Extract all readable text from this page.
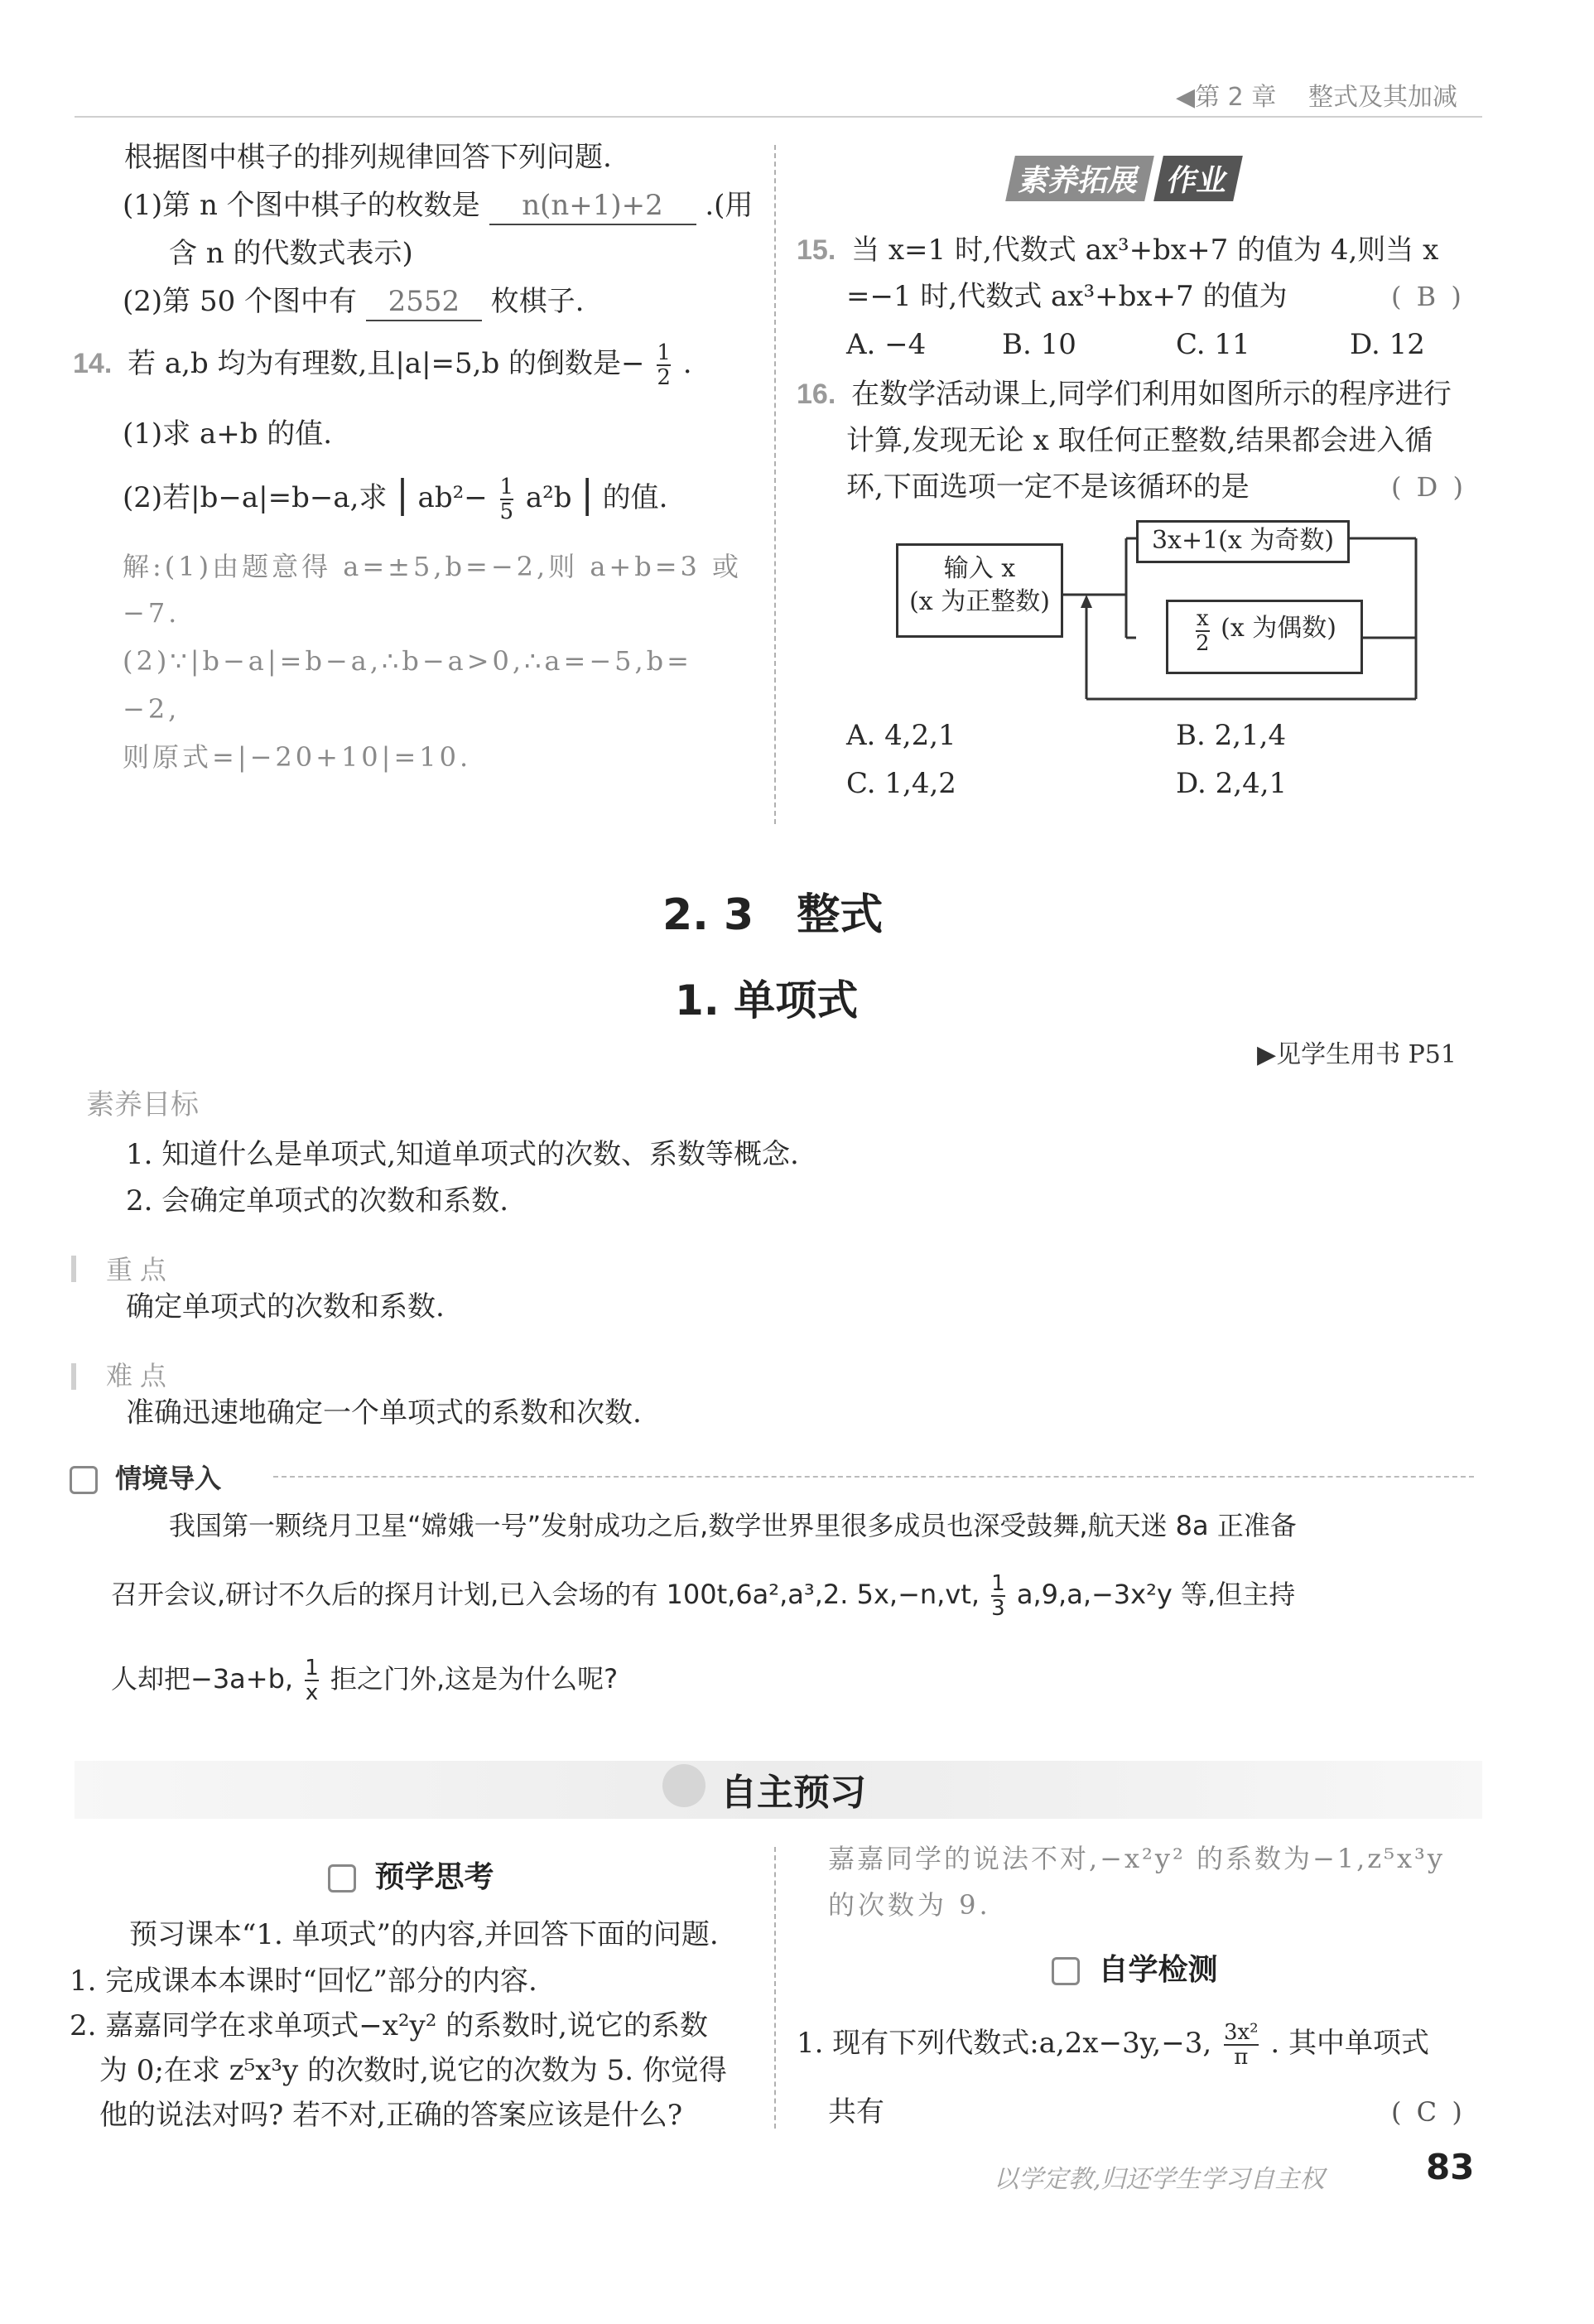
◀第 2 章 整式及其加减
根据图中棋子的排列规律回答下列问题.
(1)第 n 个图中棋子的枚数是 n(n+1)+2 .(用
含 n 的代数式表示)
(2)第 50 个图中有 2552 枚棋子.
14. 若 a,b 均为有理数,且|a|=5,b 的倒数是− $\frac{1}{2}$ .
(1)求 a+b 的值.
(2)若|b−a|=b−a,求 | $ab^2- \frac{1}{5} a^2b$ | 的值.
解:(1)由题意得 a=±5,b=−2,则 a+b=3 或
−7.
(2)∵|b−a|=b−a,∴b−a>0,∴a=−5,b=
−2,
则原式=|−20+10|=10.
素养拓展 作业
15. 当 x=1 时,代数式 ax³+bx+7 的值为 4,则当 x
=−1 时,代数式 ax³+bx+7 的值为	( B )
A. −4	B. 10	C. 11	D. 12
16. 在数学活动课上,同学们利用如图所示的程序进行
计算,发现无论 x 取任何正整数,结果都会进入循
环,下面选项一定不是该循环的是	( D )
输入 x
(x 为正整数)
3x+1(x 为奇数)
$\frac{x}{2} (x$ 为偶数)
A. 4,2,1	B. 2,1,4
C. 1,4,2	D. 2,4,1
2. 3　整式
1. 单项式
▶见学生用书 P51
素养目标
1. 知道什么是单项式,知道单项式的次数、系数等概念.
2. 会确定单项式的次数和系数.
重 点
确定单项式的次数和系数.
难 点
准确迅速地确定一个单项式的系数和次数.
情境导入
我国第一颗绕月卫星“嫦娥一号”发射成功之后,数学世界里很多成员也深受鼓舞,航天迷 8a 正准备
召开会议,研讨不久后的探月计划,已入会场的有 100t,6a²,a³,2. 5x,−n,vt, $\frac{1}{3} a,9,a,-3x^2y$ 等,但主持
人却把−3a+b, $\frac{1}{x}$ 拒之门外,这是为什么呢?
自主预习
预学思考
预习课本“1. 单项式”的内容,并回答下面的问题.
1. 完成课本本课时“回忆”部分的内容.
2. 嘉嘉同学在求单项式−x²y² 的系数时,说它的系数
为 0;在求 z⁵x³y 的次数时,说它的次数为 5. 你觉得
他的说法对吗? 若不对,正确的答案应该是什么?
嘉嘉同学的说法不对,−x²y² 的系数为−1,z⁵x³y
的次数为 9.
自学检测
1. 现有下列代数式:a,2x−3y,−3, $\frac{\text{3x²}}{\pi}$ . 其中单项式
共有	( C )
以学定教,归还学生学习自主权	83
